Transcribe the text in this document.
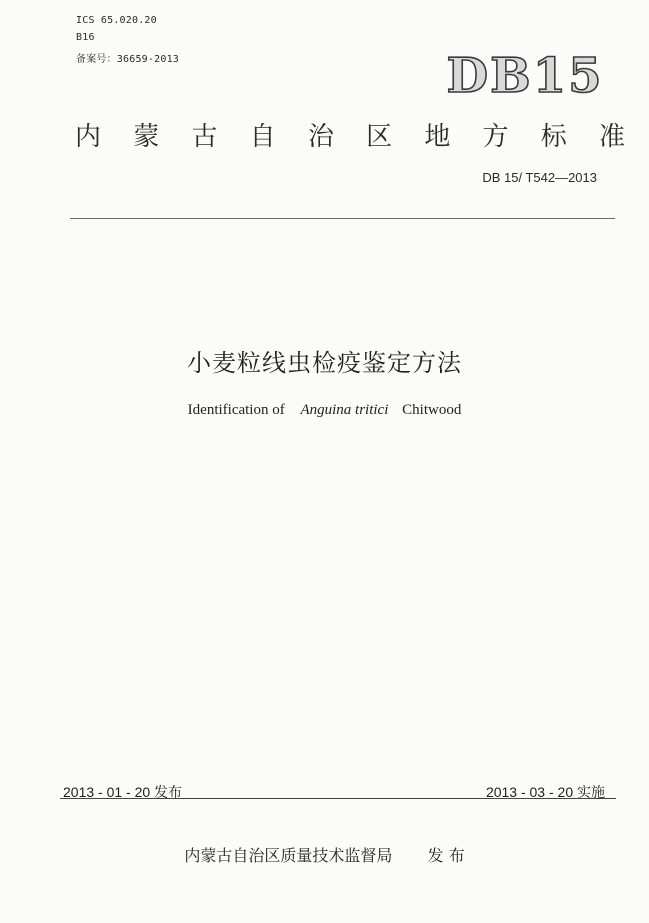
ICS 65.020.20
B16
备案号：36659-2013	DB15
内 蒙 古 自 治 区 地 方 标 准
DB 15/ T542—2013
小麦粒线虫检疫鉴定方法
Identification of Anguina tritici Chitwood
2013 - 01 - 20 发布	2013 - 03 - 20 实施
内蒙古自治区质量技术监督局 发 布
